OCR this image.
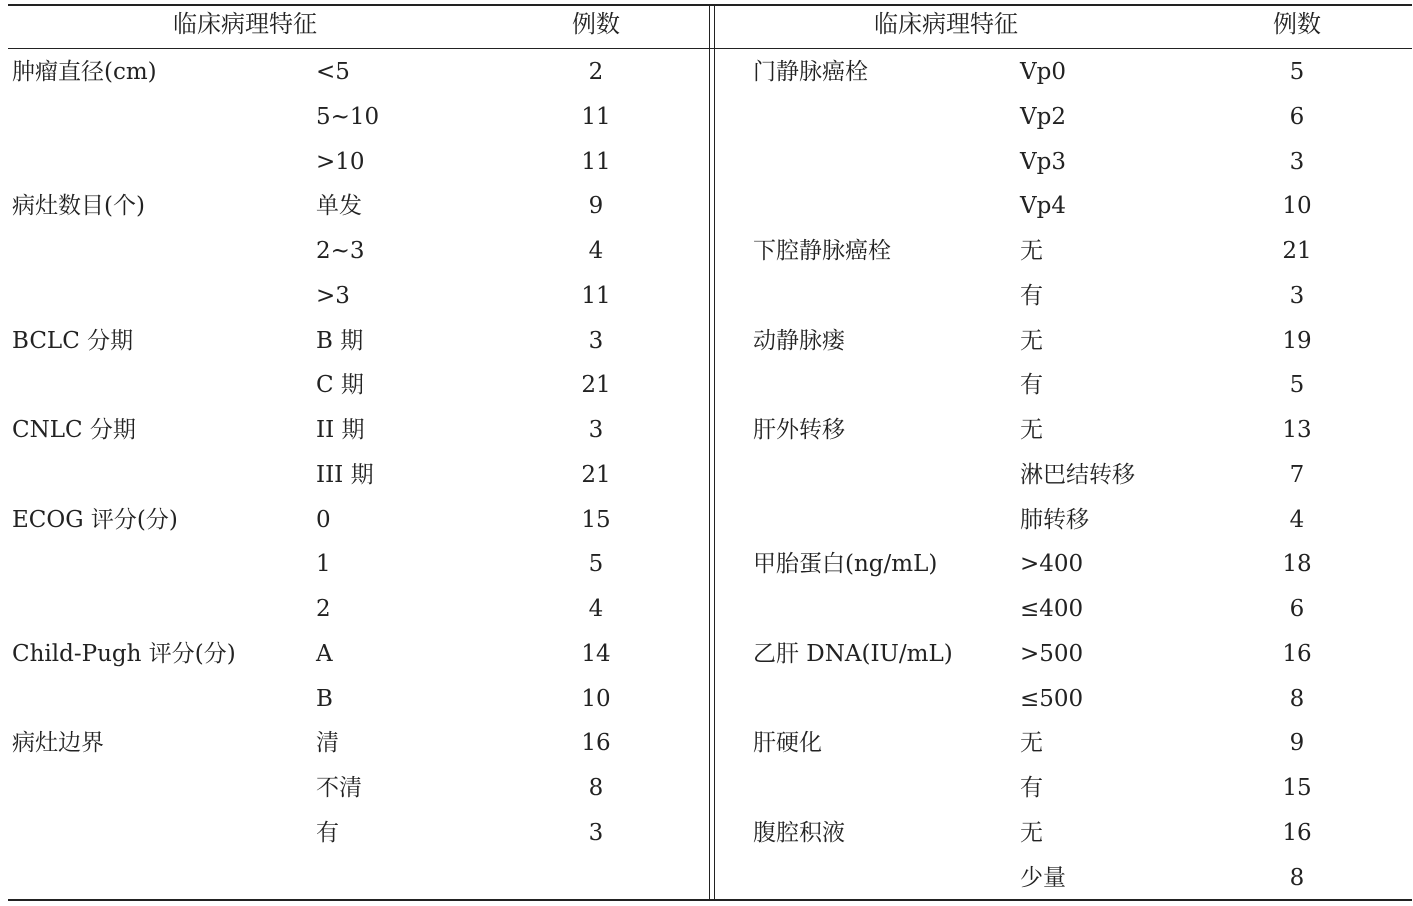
临床病理特征	例数	临床病理特征	例数
肿瘤直径(cm)	<5	2
5~10	11
>10	11
病灶数目(个)	单发	9
2~3	4
>3	11
BCLC 分期	B 期	3
C 期	21
CNLC 分期	II 期	3
III 期	21
ECOG 评分(分)	0	15
1	5
2	4
Child-Pugh 评分(分)	A	14
B	10
病灶边界	清	16
不清	8
有	3
门静脉癌栓	Vp0	5
Vp2	6
Vp3	3
Vp4	10
下腔静脉癌栓	无	21
有	3
动静脉瘘	无	19
有	5
肝外转移	无	13
淋巴结转移	7
肺转移	4
甲胎蛋白(ng/mL)	>400	18
≤400	6
乙肝 DNA(IU/mL)	>500	16
≤500	8
肝硬化	无	9
有	15
腹腔积液	无	16
少量	8
